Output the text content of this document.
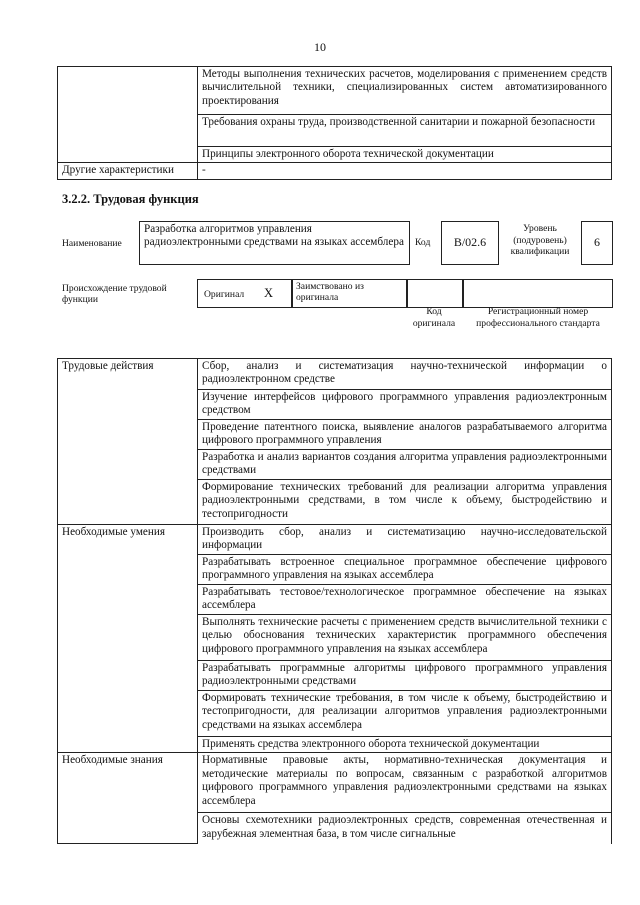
10
	Методы выполнения технических расчетов, моделирования с применением средств вычислительной техники, специализированных систем автоматизированного проектирования
	Требования охраны труда, производственной санитарии и пожарной безопасности
	Принципы электронного оборота технической документации
Другие характеристики	-
3.2.2. Трудовая функция
Наименование
Разработка алгоритмов управления радиоэлектронными средствами на языках ассемблера	Код	В/02.6
Уровень (подуровень) квалификации
6
Происхождение трудовой функции	Оригинал Х Заимствовано из оригинала
Код оригинала
Регистрационный номер профессионального стандарта
Трудовые действия	Сбор, анализ и систематизация научно-технической информации о радиоэлектронном средстве
	Изучение интерфейсов цифрового программного управления радиоэлектронным средством
	Проведение патентного поиска, выявление аналогов разрабатываемого алгоритма цифрового программного управления
	Разработка и анализ вариантов создания алгоритма управления радиоэлектронными средствами
	Формирование технических требований для реализации алгоритма управления радиоэлектронными средствами, в том числе к объему, быстродействию и тестопригодности
Необходимые умения	Производить сбор, анализ и систематизацию научно-исследовательской информации
	Разрабатывать встроенное специальное программное обеспечение цифрового программного управления на языках ассемблера
	Разрабатывать тестовое/технологическое программное обеспечение на языках ассемблера
	Выполнять технические расчеты с применением средств вычислительной техники с целью обоснования технических характеристик программного обеспечения цифрового программного управления на языках ассемблера
	Разрабатывать программные алгоритмы цифрового программного управления радиоэлектронными средствами
	Формировать технические требования, в том числе к объему, быстродействию и тестопригодности, для реализации алгоритмов управления радиоэлектронными средствами на языках ассемблера
	Применять средства электронного оборота технической документации
Необходимые знания	Нормативные правовые акты, нормативно-техническая документация и методические материалы по вопросам, связанным с разработкой алгоритмов цифрового программного управления радиоэлектронными средствами на языках ассемблера
	Основы схемотехники радиоэлектронных средств, современная отечественная и зарубежная элементная база, в том числе сигнальные
